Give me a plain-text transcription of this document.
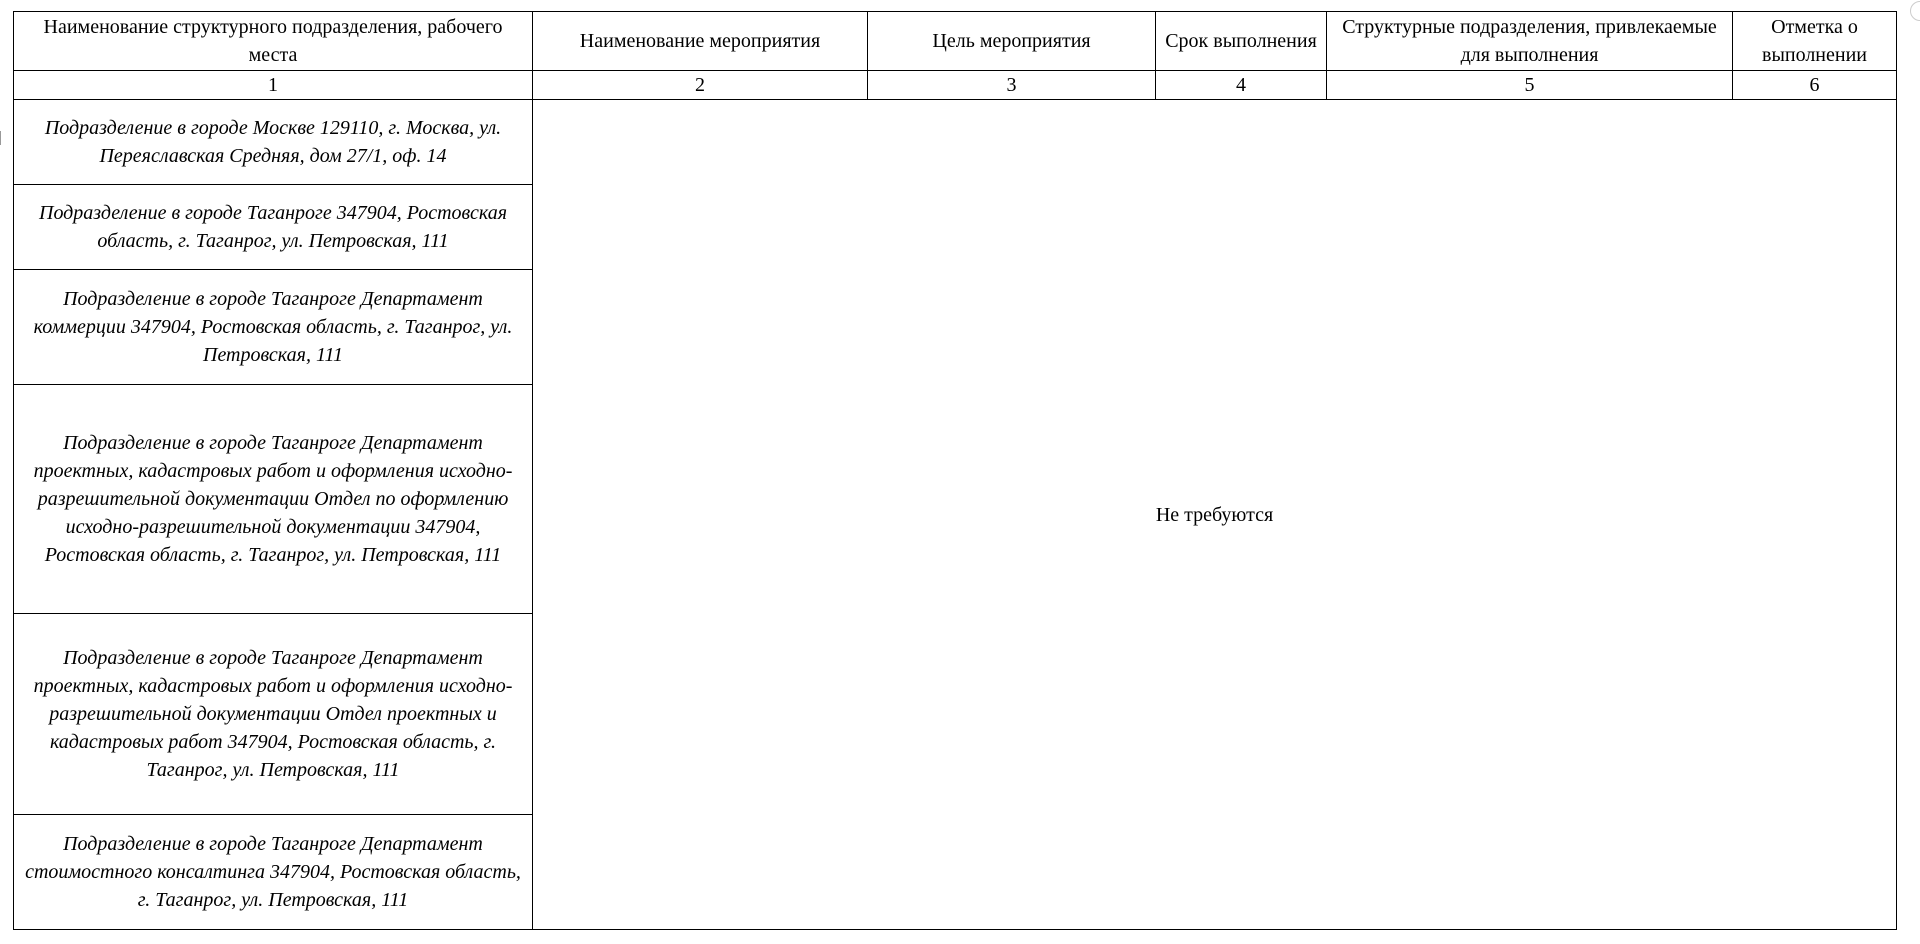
Наименование структурного подразделения, рабочего места	Наименование мероприятия	Цель мероприятия	Срок выполнения	Структурные подразделения, привлекаемые для выполнения	Отметка о выполнении
1	2	3	4	5	6
Подразделение в городе Москве 129110, г. Москва, ул. Переяславская Средняя, дом 27/1, оф. 14	Не требуются				
Подразделение в городе Таганроге 347904, Ростовская область, г. Таганрог, ул. Петровская, 111					
Подразделение в городе Таганроге Департамент коммерции 347904, Ростовская область, г. Таганрог, ул. Петровская, 111					
Подразделение в городе Таганроге Департамент проектных, кадастровых работ и оформления исходно-разрешительной документации Отдел по оформлению исходно-разрешительной документации 347904, Ростовская область, г. Таганрог, ул. Петровская, 111					
Подразделение в городе Таганроге Департамент проектных, кадастровых работ и оформления исходно-разрешительной документации Отдел проектных и кадастровых работ 347904, Ростовская область, г. Таганрог, ул. Петровская, 111					
Подразделение в городе Таганроге Департамент стоимостного консалтинга 347904, Ростовская область, г. Таганрог, ул. Петровская, 111					
